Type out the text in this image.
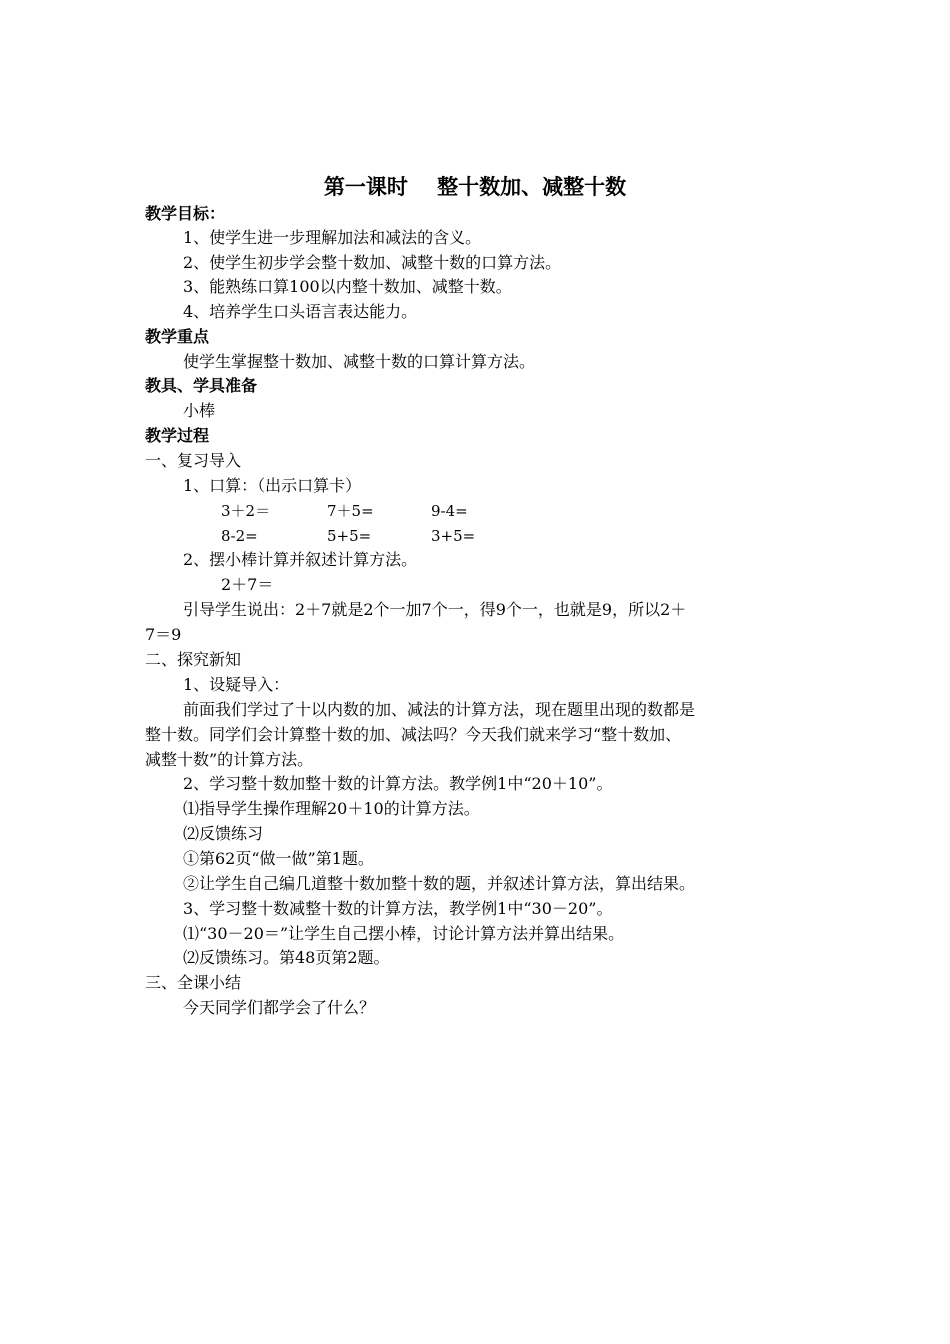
第一课时    整十数加、减整十数
教学目标：
1、使学生进一步理解加法和减法的含义。
2、使学生初步学会整十数加、减整十数的口算方法。
3、能熟练口算100以内整十数加、减整十数。
4、培养学生口头语言表达能力。
教学重点
使学生掌握整十数加、减整十数的口算计算方法。
教具、学具准备
小棒
教学过程
一、复习导入
1、口算：（出示口算卡）
3＋2＝	7＋5=	9-4=
8-2=	5+5=	3+5=
2、摆小棒计算并叙述计算方法。
2＋7＝
引导学生说出：2＋7就是2个一加7个一，得9个一，也就是9，所以2＋
7＝9
二、探究新知
1、设疑导入：
前面我们学过了十以内数的加、减法的计算方法，现在题里出现的数都是
整十数。同学们会计算整十数的加、减法吗？今天我们就来学习“整十数加、
减整十数”的计算方法。
2、学习整十数加整十数的计算方法。教学例1中“20＋10”。
⑴指导学生操作理解20＋10的计算方法。
⑵反馈练习
①第62页“做一做”第1题。
②让学生自己编几道整十数加整十数的题，并叙述计算方法，算出结果。
3、学习整十数减整十数的计算方法，教学例1中“30－20”。
⑴“30－20＝”让学生自己摆小棒，讨论计算方法并算出结果。
⑵反馈练习。第48页第2题。
三、全课小结
今天同学们都学会了什么？
